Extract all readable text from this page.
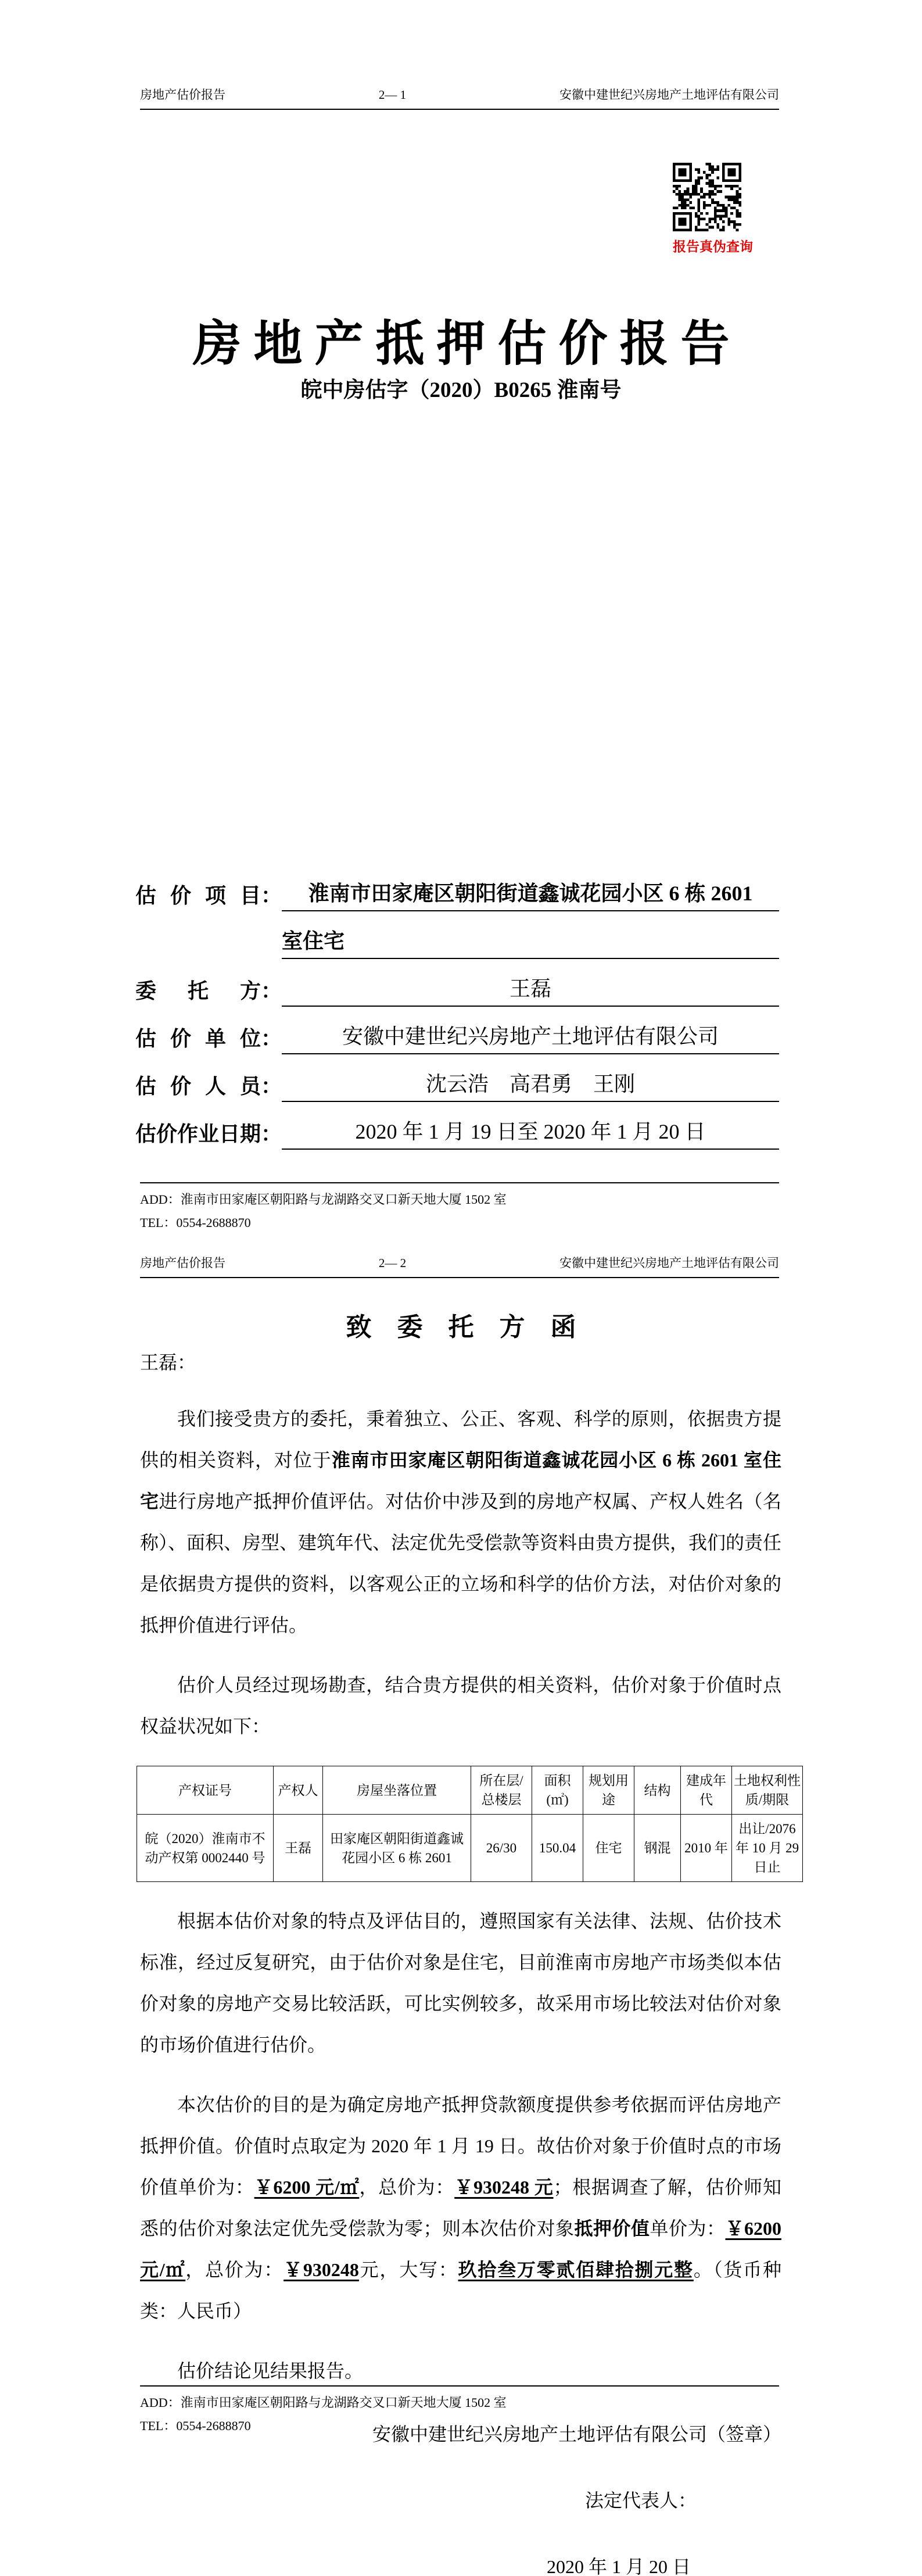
房地产估价报告	2— 1	安徽中建世纪兴房地产土地评估有限公司
报告真伪查询
房 地 产 抵 押 估 价 报 告
皖中房估字（2020）B0265 淮南号
估价项目 ：	淮南市田家庵区朝阳街道鑫诚花园小区 6 栋 2601
室住宅
委托方 ：	王磊
估价单位 ：	安徽中建世纪兴房地产土地评估有限公司
估价人员 ：	沈云浩　高君勇　王刚
估价作业日期 ：	2020 年 1 月 19 日至 2020 年 1 月 20 日
ADD：淮南市田家庵区朝阳路与龙湖路交叉口新天地大厦 1502 室
TEL：0554-2688870
房地产估价报告	2— 2	安徽中建世纪兴房地产土地评估有限公司
致　委　托　方　函

王磊：

我们接受贵方的委托，秉着独立、公正、客观、科学的原则，依据贵方提供的相关资料，对位于淮南市田家庵区朝阳街道鑫诚花园小区 6 栋 2601 室住宅进行房地产抵押价值评估。对估价中涉及到的房地产权属、产权人姓名（名称）、面积、房型、建筑年代、法定优先受偿款等资料由贵方提供，我们的责任是依据贵方提供的资料，以客观公正的立场和科学的估价方法，对估价对象的抵押价值进行评估。

估价人员经过现场勘查，结合贵方提供的相关资料，估价对象于价值时点权益状况如下：

产权证号	产权人	房屋坐落位置	所在层/总楼层	面积(㎡)	规划用途	结构	建成年代	土地权利性质/期限
皖（2020）淮南市不动产权第 0002440 号	王磊	田家庵区朝阳街道鑫诚花园小区 6 栋 2601	26/30	150.04	住宅	钢混	2010 年	出让/2076 年 10 月 29 日止

根据本估价对象的特点及评估目的，遵照国家有关法律、法规、估价技术标准，经过反复研究，由于估价对象是住宅，目前淮南市房地产市场类似本估价对象的房地产交易比较活跃，可比实例较多，故采用市场比较法对估价对象的市场价值进行估价。

本次估价的目的是为确定房地产抵押贷款额度提供参考依据而评估房地产抵押价值。价值时点取定为 2020 年 1 月 19 日。故估价对象于价值时点的市场价值单价为：￥6200 元/㎡，总价为：￥930248 元；根据调查了解，估价师知悉的估价对象法定优先受偿款为零；则本次估价对象抵押价值单价为：￥6200 元/㎡，总价为：￥930248元，大写：玖拾叁万零贰佰肆拾捌元整。（货币种类：人民币）

估价结论见结果报告。

安徽中建世纪兴房地产土地评估有限公司（签章）

法定代表人：

2020 年 1 月 20 日

ADD：淮南市田家庵区朝阳路与龙湖路交叉口新天地大厦 1502 室
TEL：0554-2688870
